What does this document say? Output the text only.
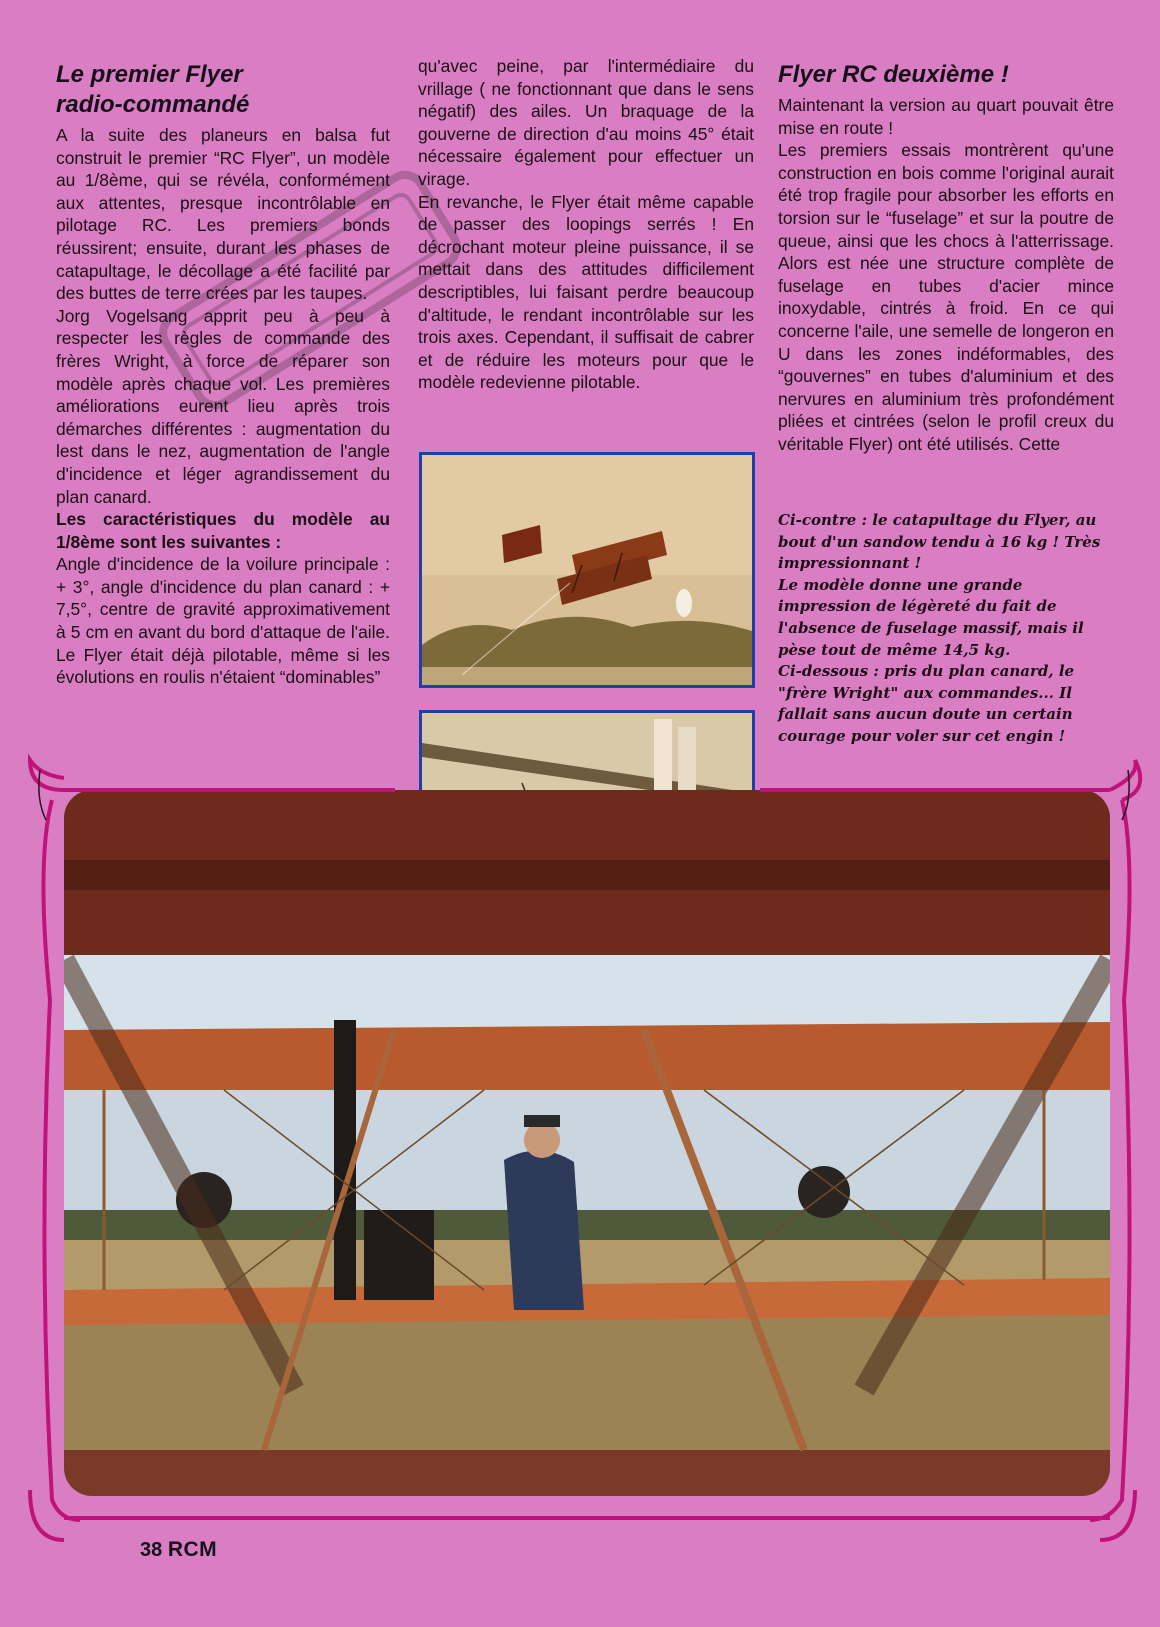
Le premier Flyer
radio-commandé

A la suite des planeurs en balsa fut construit le premier “RC Flyer”, un modèle au 1/8ème, qui se révéla, conformément aux attentes, presque incontrôlable en pilotage RC. Les premiers bonds réussirent; ensuite, durant les phases de catapultage, le décollage a été facilité par des buttes de terre crées par les taupes.

Jorg Vogelsang apprit peu à peu à respecter les règles de commande des frères Wright, à force de réparer son modèle après chaque vol. Les premières améliorations eurent lieu après trois démarches différentes : augmentation du lest dans le nez, augmentation de l'angle d'incidence et léger agrandissement du plan canard.

Les caractéristiques du modèle au 1/8ème sont les suivantes :

Angle d'incidence de la voilure principale : + 3°, angle d'incidence du plan canard : + 7,5°, centre de gravité approximativement à 5 cm en avant du bord d'attaque de l'aile. Le Flyer était déjà pilotable, même si les évolutions en roulis n'étaient “dominables”

qu'avec peine, par l'intermédiaire du vrillage ( ne fonctionnant que dans le sens négatif) des ailes. Un braquage de la gouverne de direction d'au moins 45° était nécessaire également pour effectuer un virage.

En revanche, le Flyer était même capable de passer des loopings serrés ! En décrochant moteur pleine puissance, il se mettait dans des attitudes difficilement descriptibles, lui faisant perdre beaucoup d'altitude, le rendant incontrôlable sur les trois axes. Cependant, il suffisait de cabrer et de réduire les moteurs pour que le modèle redevienne pilotable.

Flyer RC deuxième !

Maintenant la version au quart pouvait être mise en route !

Les premiers essais montrèrent qu'une construction en bois comme l'original aurait été trop fragile pour absorber les efforts en torsion sur le “fuselage” et sur la poutre de queue, ainsi que les chocs à l'atterrissage. Alors est née une structure complète de fuselage en tubes d'acier mince inoxydable, cintrés à froid. En ce qui concerne l'aile, une semelle de longeron en U dans les zones indéformables, des “gouvernes” en tubes d'aluminium et des nervures en aluminium très profondément pliées et cintrées (selon le profil creux du véritable Flyer) ont été utilisés. Cette

Ci-contre : le catapultage du Flyer, au bout d'un sandow tendu à 16 kg ! Très impressionnant !

Le modèle donne une grande impression de légèreté du fait de l'absence de fuselage massif, mais il pèse tout de même 14,5 kg.

Ci-dessous : pris du plan canard, le "frère Wright" aux commandes... Il fallait sans aucun doute un certain courage pour voler sur cet engin !

38 RCM
